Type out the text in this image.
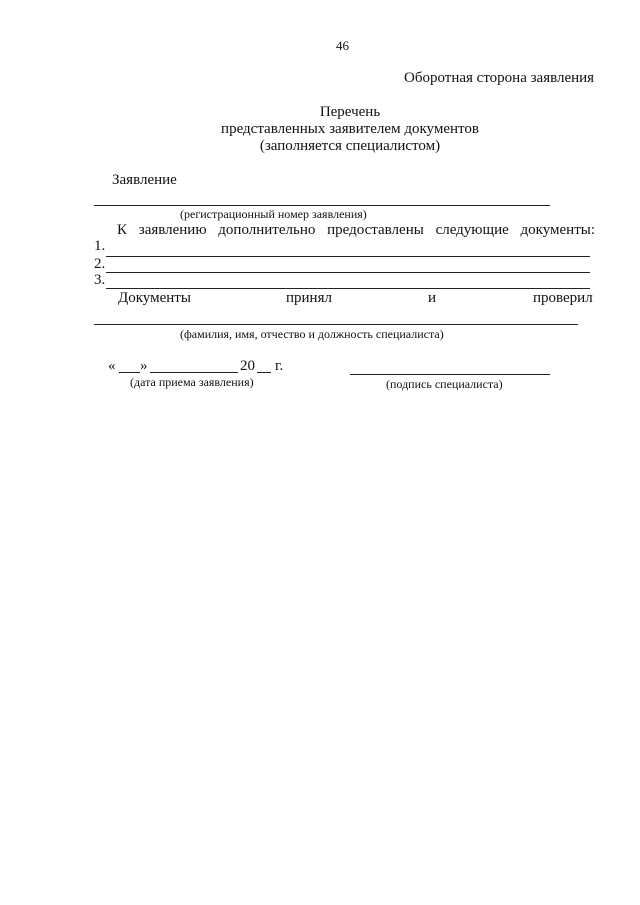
46
Оборотная сторона заявления
Перечень
представленных заявителем документов
(заполняется специалистом)
Заявление
(регистрационный номер заявления)
К заявлению дополнительно предоставлены следующие документы:
1.
2.
3.
Документы	принял	и	проверил
(фамилия, имя, отчество и должность специалиста)
« »	20 г.
(дата приема заявления)	(подпись специалиста)
